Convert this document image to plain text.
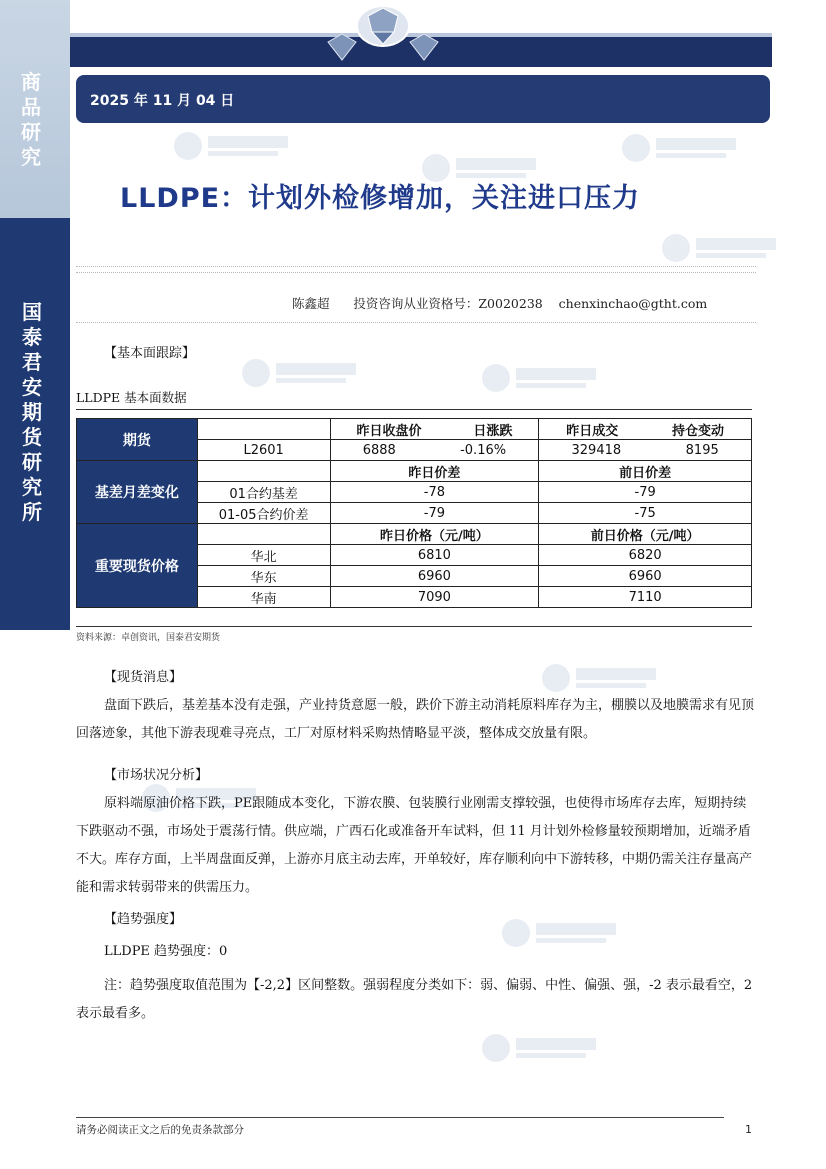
商品研究
国泰君安期货研究所
2025 年 11 月 04 日
LLDPE：计划外检修增加，关注进口压力
陈鑫超 投资咨询从业资格号：Z0020238 chenxinchao@gtht.com
【基本面跟踪】
LLDPE 基本面数据
期货		昨日收盘价 日涨跌	昨日成交 持仓变动

	L2601	6888 -0.16%	329418 8195

基差月差变化		昨日价差	前日价差
	01合约基差	-78	-79
	01-05合约价差	-79	-75
重要现货价格		昨日价格（元/吨）	前日价格（元/吨）
	华北	6810	6820
	华东	6960	6960
	华南	7090	7110
资料来源：卓创资讯，国泰君安期货
【现货消息】
盘面下跌后，基差基本没有走强，产业持货意愿一般，跌价下游主动消耗原料库存为主，棚膜以及地膜需求有见顶回落迹象，其他下游表现难寻亮点，工厂对原材料采购热情略显平淡，整体成交放量有限。
【市场状况分析】
原料端原油价格下跌，PE跟随成本变化，下游农膜、包装膜行业刚需支撑较强，也使得市场库存去库，短期持续下跌驱动不强，市场处于震荡行情。供应端，广西石化或准备开车试料，但 11 月计划外检修量较预期增加，近端矛盾不大。库存方面，上半周盘面反弹，上游亦月底主动去库，开单较好，库存顺利向中下游转移，中期仍需关注存量高产能和需求转弱带来的供需压力。
【趋势强度】
LLDPE 趋势强度：0
注：趋势强度取值范围为【-2,2】区间整数。强弱程度分类如下：弱、偏弱、中性、偏强、强，-2 表示最看空，2 表示最看多。
请务必阅读正文之后的免责条款部分	1
